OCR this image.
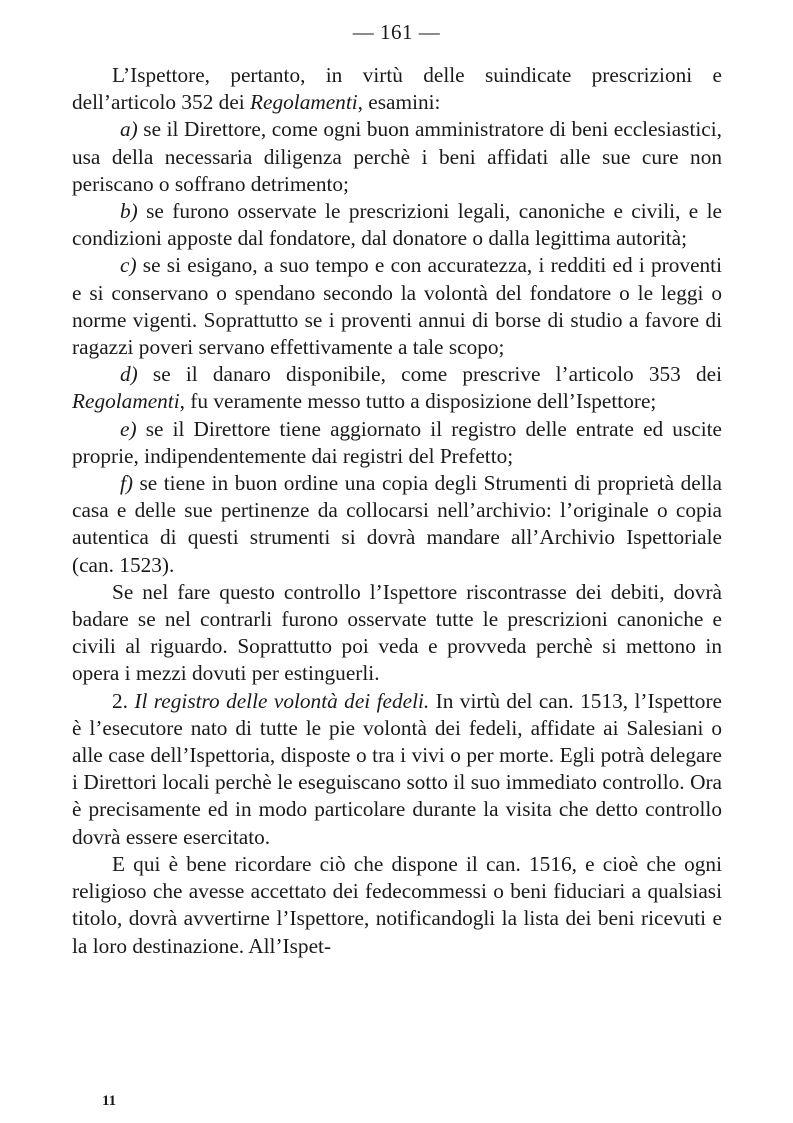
— 161 —

L’Ispettore, pertanto, in virtù delle suindicate prescrizioni e dell’articolo 352 dei Regolamenti, esamini:

a) se il Direttore, come ogni buon amministratore di beni ecclesiastici, usa della necessaria diligenza perchè i beni affidati alle sue cure non periscano o soffrano detrimento;

b) se furono osservate le prescrizioni legali, canoniche e civili, e le condizioni apposte dal fondatore, dal donatore o dalla legittima autorità;

c) se si esigano, a suo tempo e con accuratezza, i redditi ed i proventi e si conservano o spendano secondo la volontà del fondatore o le leggi o norme vigenti. Soprattutto se i proventi annui di borse di studio a favore di ragazzi poveri servano effettivamente a tale scopo;

d) se il danaro disponibile, come prescrive l’articolo 353 dei Regolamenti, fu veramente messo tutto a disposizione dell’Ispettore;

e) se il Direttore tiene aggiornato il registro delle entrate ed uscite proprie, indipendentemente dai registri del Prefetto;

f) se tiene in buon ordine una copia degli Strumenti di proprietà della casa e delle sue pertinenze da collocarsi nell’archivio: l’originale o copia autentica di questi strumenti si dovrà mandare all’Archivio Ispettoriale (can. 1523).

Se nel fare questo controllo l’Ispettore riscontrasse dei debiti, dovrà badare se nel contrarli furono osservate tutte le prescrizioni canoniche e civili al riguardo. Soprattutto poi veda e provveda perchè si mettono in opera i mezzi dovuti per estinguerli.

2. Il registro delle volontà dei fedeli. In virtù del can. 1513, l’Ispettore è l’esecutore nato di tutte le pie volontà dei fedeli, affidate ai Salesiani o alle case dell’Ispettoria, disposte o tra i vivi o per morte. Egli potrà delegare i Direttori locali perchè le eseguiscano sotto il suo immediato controllo. Ora è precisamente ed in modo particolare durante la visita che detto controllo dovrà essere esercitato.

E qui è bene ricordare ciò che dispone il can. 1516, e cioè che ogni religioso che avesse accettato dei fedecommessi o beni fiduciari a qualsiasi titolo, dovrà avvertirne l’Ispettore, notificandogli la lista dei beni ricevuti e la loro destinazione. All’Ispet-

11
